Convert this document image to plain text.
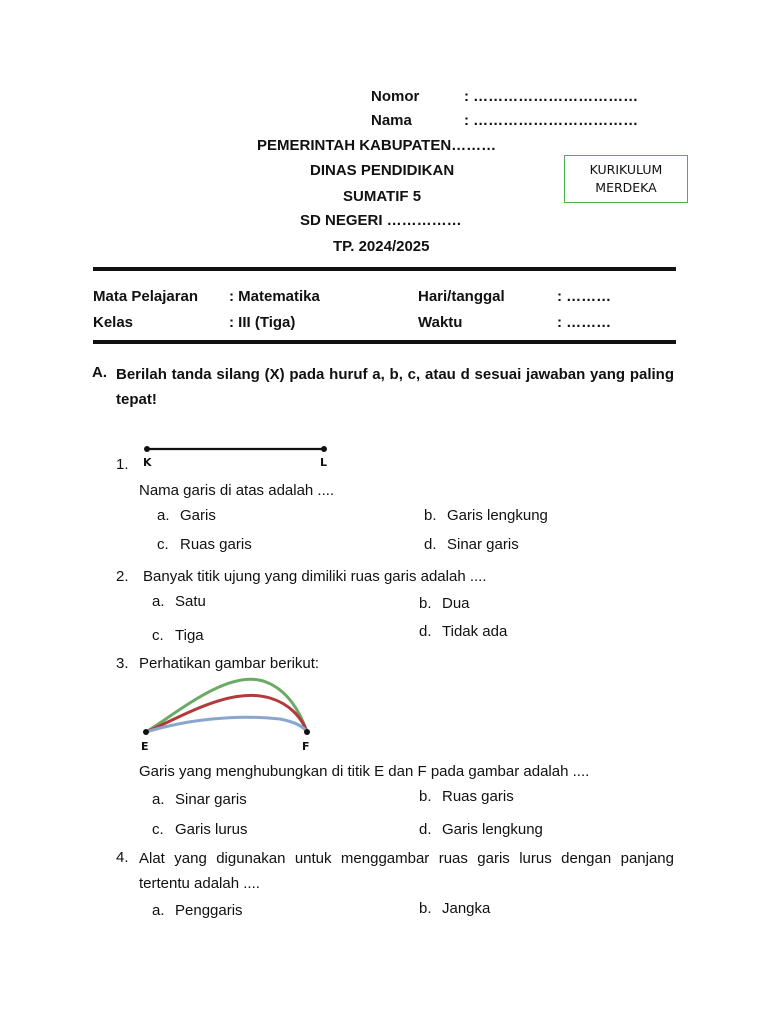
Nomor	: ……………………………
Nama	: ……………………………
PEMERINTAH KABUPATEN………
DINAS PENDIDIKAN
SUMATIF 5
SD NEGERI ……………
TP. 2024/2025
KURIKULUM
MERDEKA
Mata Pelajaran : Matematika	Hari/tanggal	: ………
Kelas	: III (Tiga)	Waktu	: ………
A. Berilah tanda silang (X) pada huruf a, b, c, atau d sesuai jawaban yang paling tepat!
1. K	L
Nama garis di atas adalah ....
a. Garis	b. Garis lengkung
c. Ruas garis	d. Sinar garis
2. Banyak titik ujung yang dimiliki ruas garis adalah ....
a. Satu	b. Dua
c. Tiga	d. Tidak ada
3. Perhatikan gambar berikut:
E	F
Garis yang menghubungkan di titik E dan F pada gambar adalah ....
a. Sinar garis	b. Ruas garis
c. Garis lurus	d. Garis lengkung
4. Alat yang digunakan untuk menggambar ruas garis lurus dengan panjang tertentu adalah ....
a. Penggaris	b. Jangka
